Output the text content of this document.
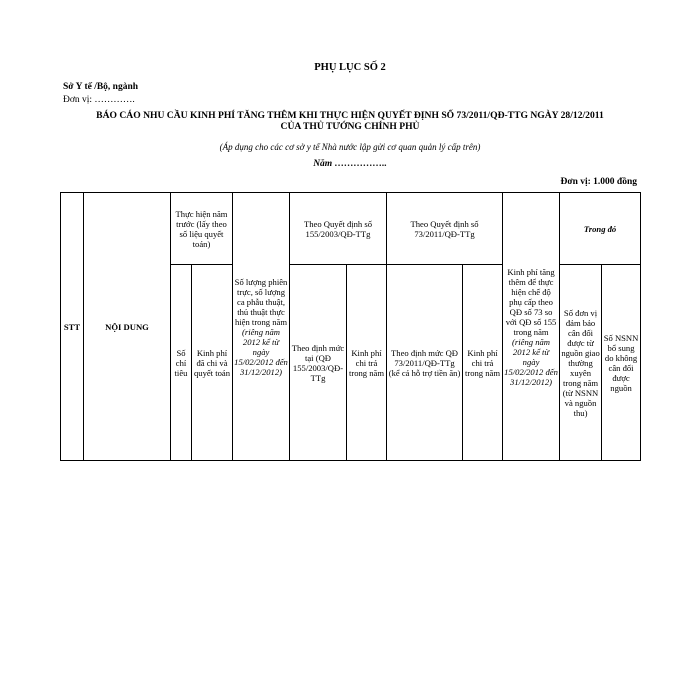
PHỤ LỤC SỐ 2
Sở Y tế /Bộ, ngành
Đơn vị: ………….
BÁO CÁO NHU CẦU KINH PHÍ TĂNG THÊM KHI THỰC HIỆN QUYẾT ĐỊNH SỐ 73/2011/QĐ-TTG NGÀY 28/12/2011
CỦA THỦ TƯỚNG CHÍNH PHỦ
(Áp dụng cho các cơ sở y tế Nhà nước lập gửi cơ quan quản lý cấp trên)
Năm ……………..
Đơn vị: 1.000 đồng
STT	NỘI DUNG	Thực hiện năm trước (lấy theo số liệu quyết toán)		Số lượng phiên trực, số lượng ca phẫu thuật, thủ thuật thực hiện trong năm (riêng năm 2012 kể từ ngày 15/02/2012 đến 31/12/2012)	Theo Quyết định số 155/2003/QĐ-TTg		Theo Quyết định số 73/2011/QĐ-TTg		Kinh phí tăng thêm để thực hiện chế độ phụ cấp theo QĐ số 73 so với QĐ số 155 trong năm (riêng năm 2012 kể từ ngày 15/02/2012 đến 31/12/2012)	Trong đó	
		Số chỉ tiêu	Kinh phí đã chi và quyết toán		Theo định mức tại (QĐ 155/2003/QĐ-TTg	Kinh phí chi trả trong năm	Theo định mức QĐ 73/2011/QĐ-TTg (kể cả hỗ trợ tiền ăn)	Kinh phí chi trả trong năm		Số đơn vị đảm bảo cân đối được từ nguồn giao thường xuyên trong năm (từ NSNN và nguồn thu)	Số NSNN bổ sung do không cân đối được nguồn
